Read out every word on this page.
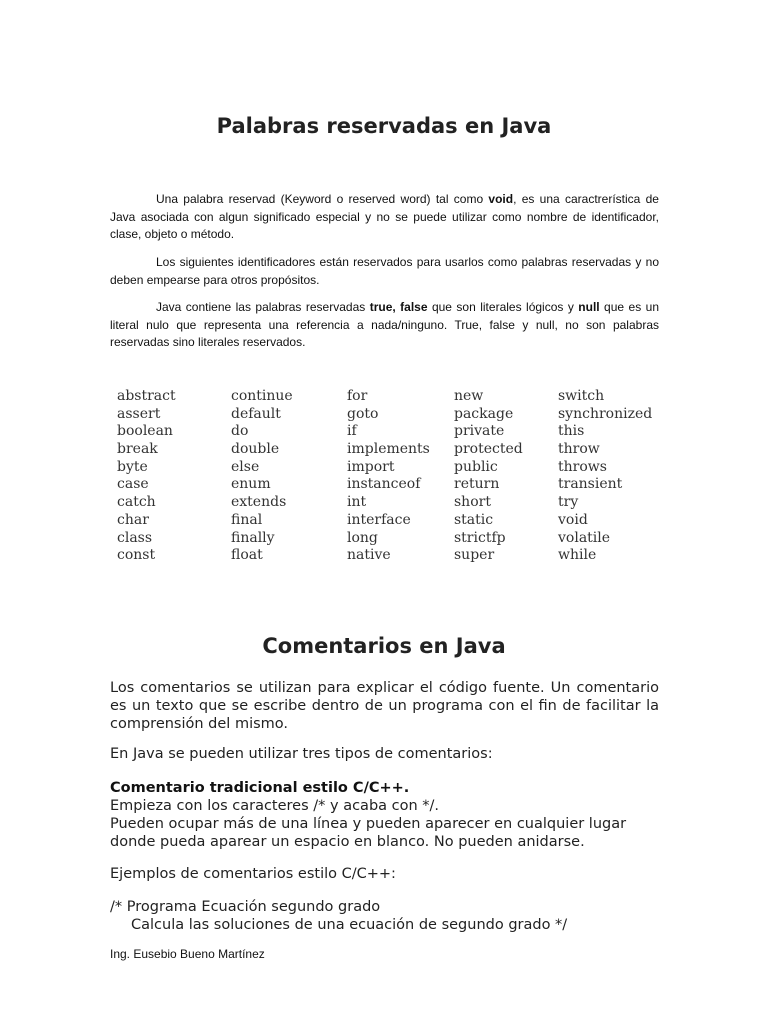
Palabras reservadas en Java

Una palabra reservad (Keyword o reserved word) tal como void, es una caractrerística de Java asociada con algun significado especial y no se puede utilizar como nombre de identificador, clase, objeto o método.

Los siguientes identificadores están reservados para usarlos como palabras reservadas y no deben empearse para otros propósitos.

Java contiene las palabras reservadas true, false que son literales lógicos y null que es un literal nulo que representa una referencia a nada/ninguno. True, false y null, no son palabras reservadas sino literales reservados.

abstract
assert
boolean
break
byte
case
catch
char
class
const
continue
default
do
double
else
enum
extends
final
finally
float
for
goto
if
implements
import
instanceof
int
interface
long
native
new
package
private
protected
public
return
short
static
strictfp
super
switch
synchronized
this
throw
throws
transient
try
void
volatile
while
Comentarios en Java

Los comentarios se utilizan para explicar el código fuente. Un comentario es un texto que se escribe dentro de un programa con el fin de facilitar la comprensión del mismo.

En Java se pueden utilizar tres tipos de comentarios:

Comentario tradicional estilo C/C++.
Empieza con los caracteres /* y acaba con */.
Pueden ocupar más de una línea y pueden aparecer en cualquier lugar donde pueda aparear un espacio en blanco. No pueden anidarse.

Ejemplos de comentarios estilo C/C++:

/* Programa Ecuación segundo grado
Calcula las soluciones de una ecuación de segundo grado */

Ing. Eusebio Bueno Martínez
